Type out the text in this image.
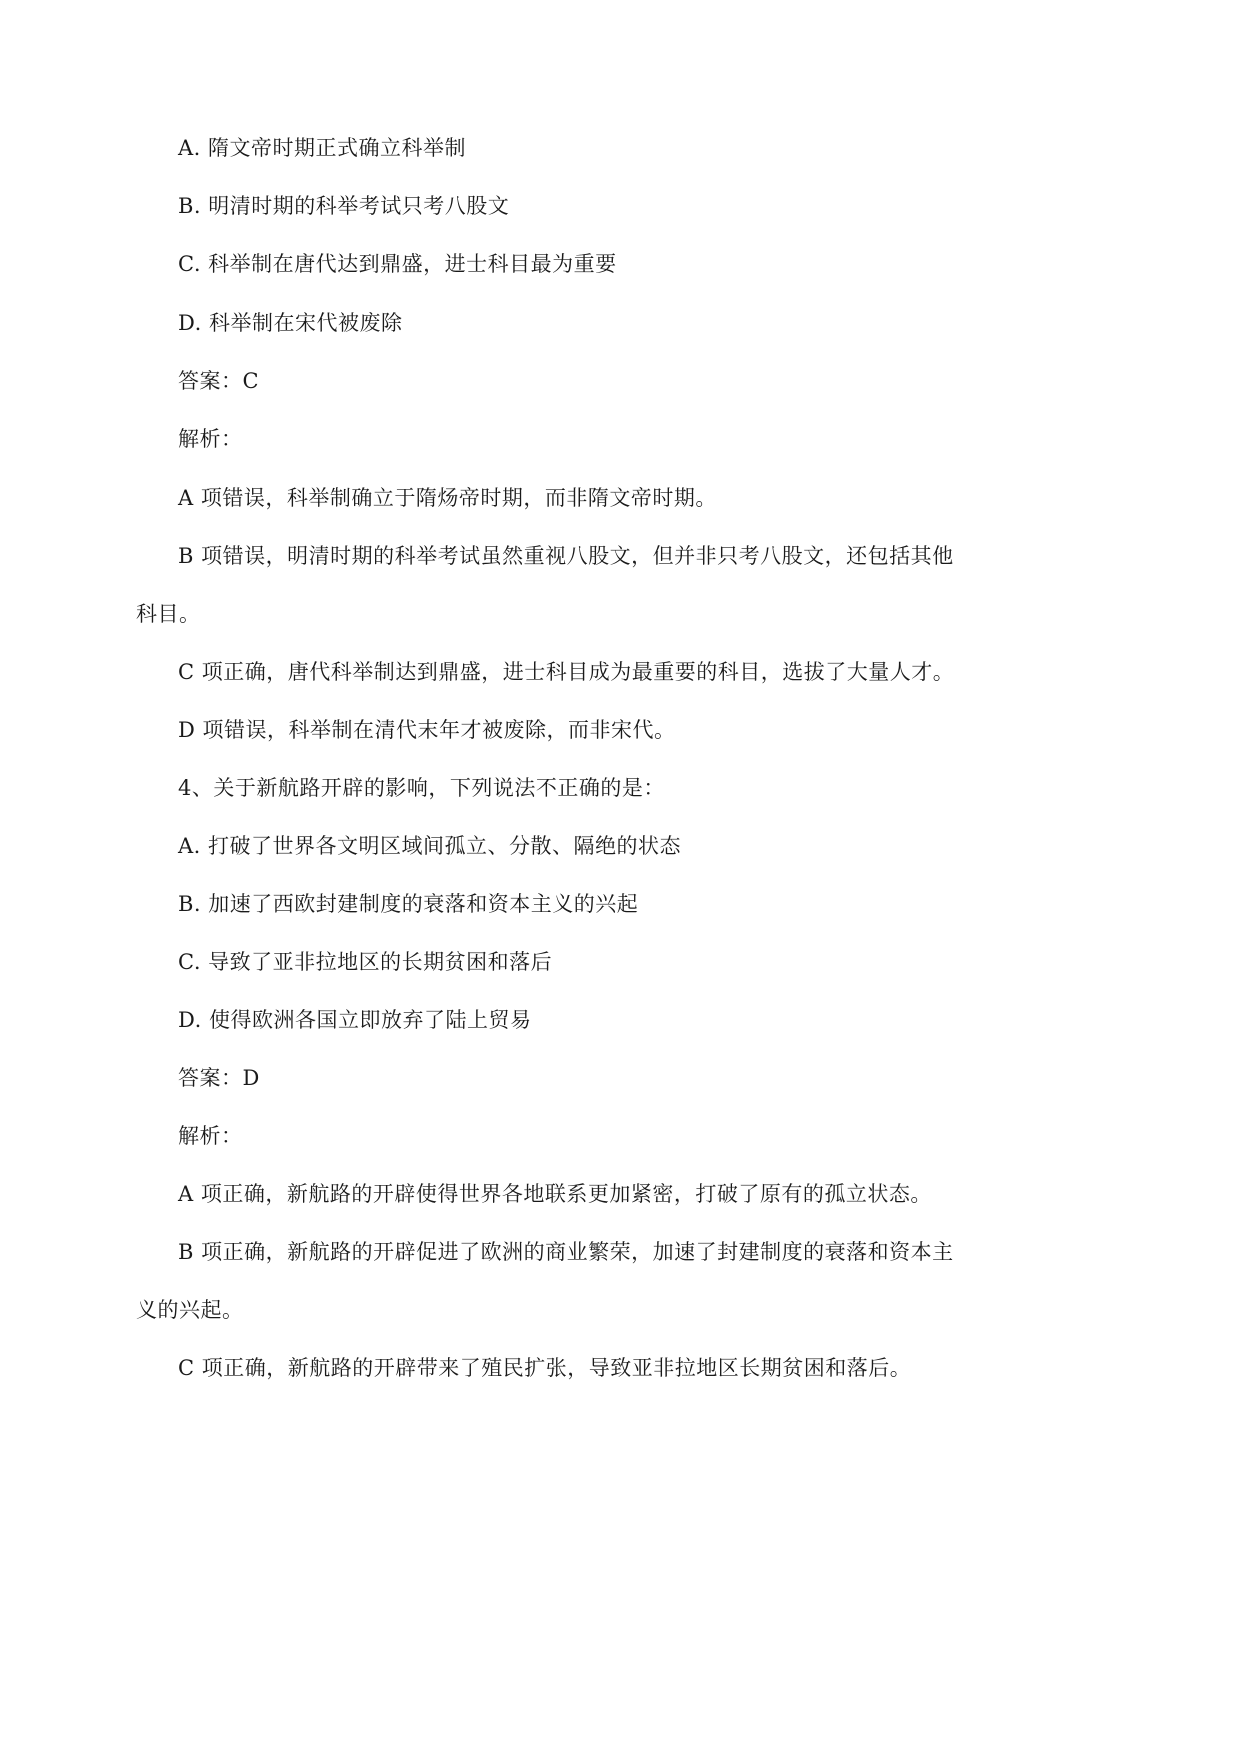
A. 隋文帝时期正式确立科举制
B. 明清时期的科举考试只考八股文
C. 科举制在唐代达到鼎盛，进士科目最为重要
D. 科举制在宋代被废除
答案：C
解析：
A 项错误，科举制确立于隋炀帝时期，而非隋文帝时期。
B 项错误，明清时期的科举考试虽然重视八股文，但并非只考八股文，还包括其他
科目。
C 项正确，唐代科举制达到鼎盛，进士科目成为最重要的科目，选拔了大量人才。
D 项错误，科举制在清代末年才被废除，而非宋代。
4、关于新航路开辟的影响，下列说法不正确的是：
A. 打破了世界各文明区域间孤立、分散、隔绝的状态
B. 加速了西欧封建制度的衰落和资本主义的兴起
C. 导致了亚非拉地区的长期贫困和落后
D. 使得欧洲各国立即放弃了陆上贸易
答案：D
解析：
A 项正确，新航路的开辟使得世界各地联系更加紧密，打破了原有的孤立状态。
B 项正确，新航路的开辟促进了欧洲的商业繁荣，加速了封建制度的衰落和资本主
义的兴起。
C 项正确，新航路的开辟带来了殖民扩张，导致亚非拉地区长期贫困和落后。
